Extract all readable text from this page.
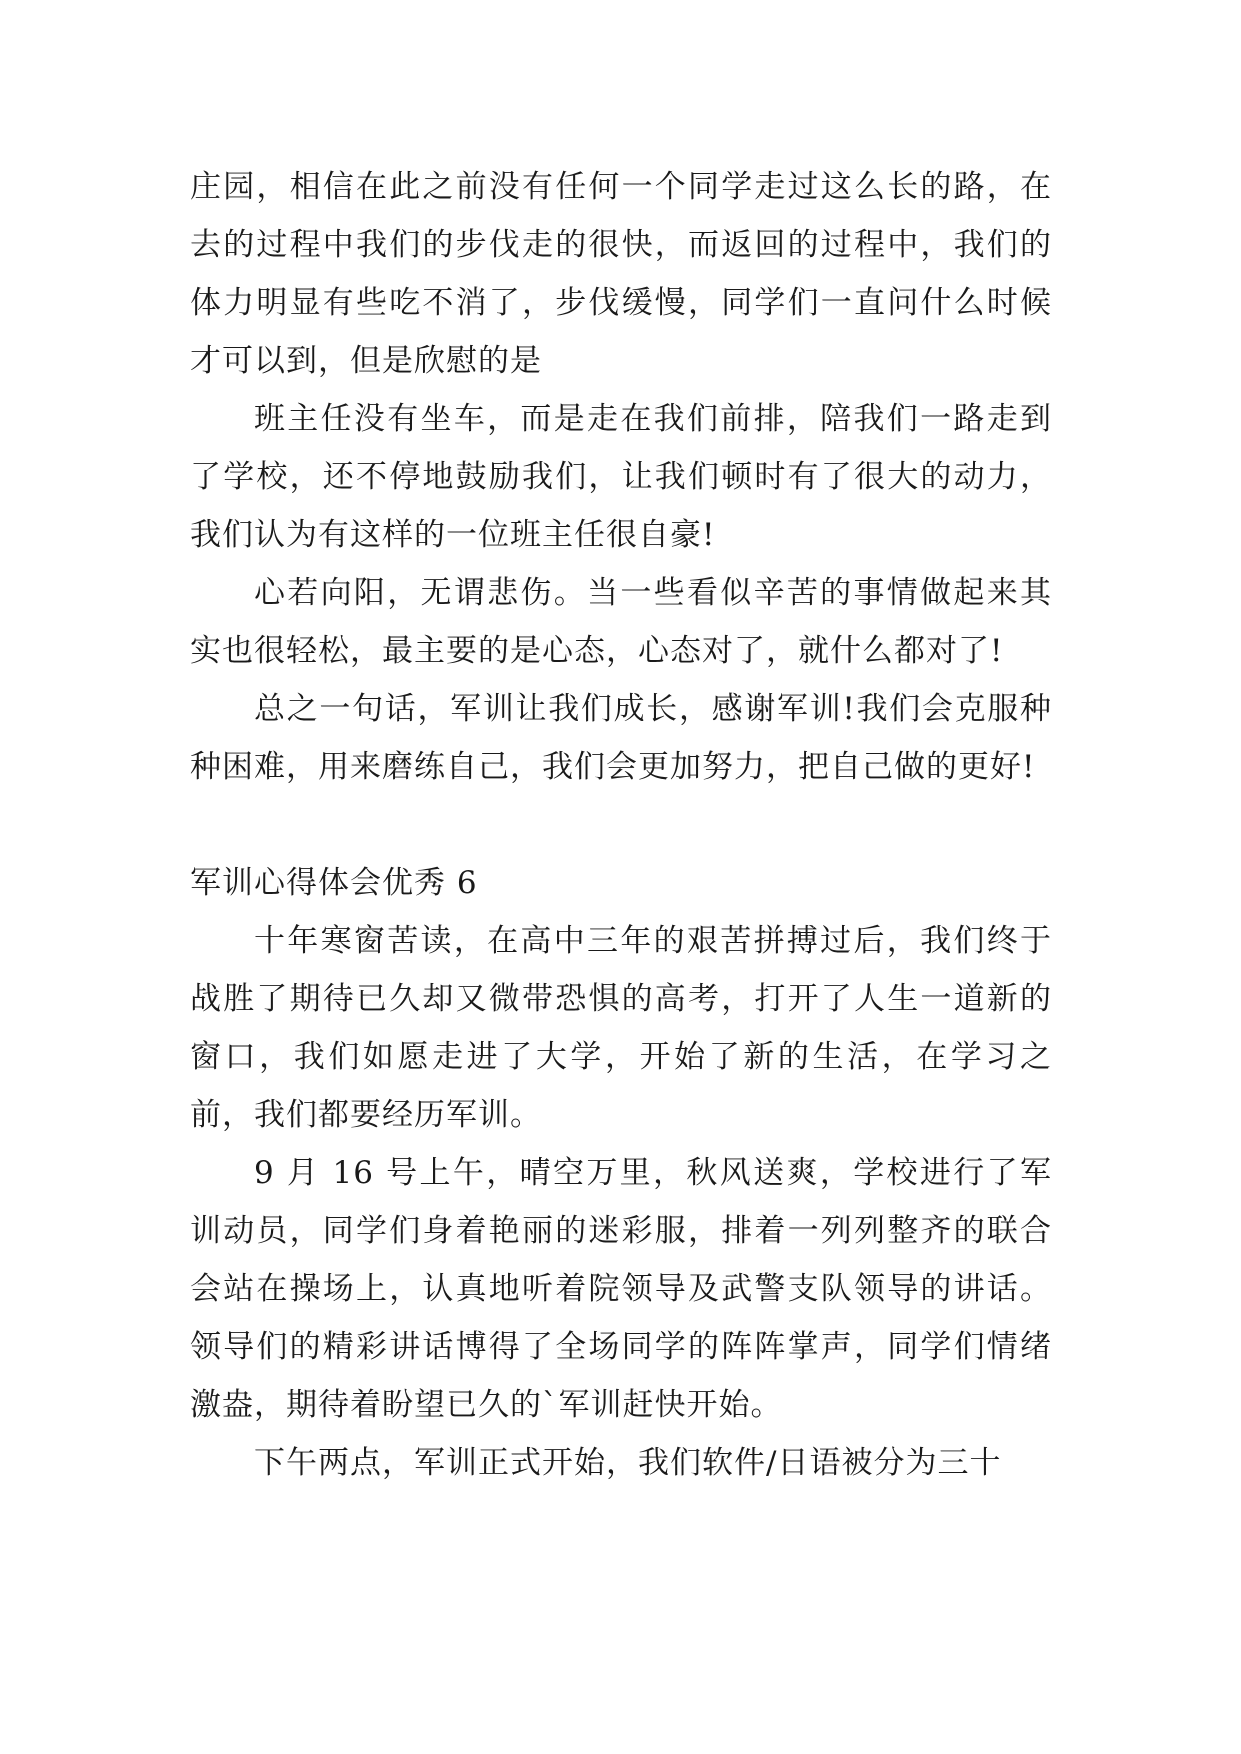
庄园，相信在此之前没有任何一个同学走过这么长的路，在去的过程中我们的步伐走的很快，而返回的过程中，我们的体力明显有些吃不消了，步伐缓慢，同学们一直问什么时候才可以到，但是欣慰的是

班主任没有坐车，而是走在我们前排，陪我们一路走到了学校，还不停地鼓励我们，让我们顿时有了很大的动力，我们认为有这样的一位班主任很自豪!

心若向阳，无谓悲伤。当一些看似辛苦的事情做起来其实也很轻松，最主要的是心态，心态对了，就什么都对了!

总之一句话，军训让我们成长，感谢军训!我们会克服种种困难，用来磨练自己，我们会更加努力，把自己做的更好!

军训心得体会优秀 6

十年寒窗苦读，在高中三年的艰苦拼搏过后，我们终于战胜了期待已久却又微带恐惧的高考，打开了人生一道新的窗口，我们如愿走进了大学，开始了新的生活，在学习之前，我们都要经历军训。

9 月 16 号上午，晴空万里，秋风送爽，学校进行了军训动员，同学们身着艳丽的迷彩服，排着一列列整齐的联合会站在操场上，认真地听着院领导及武警支队领导的讲话。领导们的精彩讲话博得了全场同学的阵阵掌声，同学们情绪激盎，期待着盼望已久的`军训赶快开始。

下午两点，军训正式开始，我们软件/日语被分为三十
